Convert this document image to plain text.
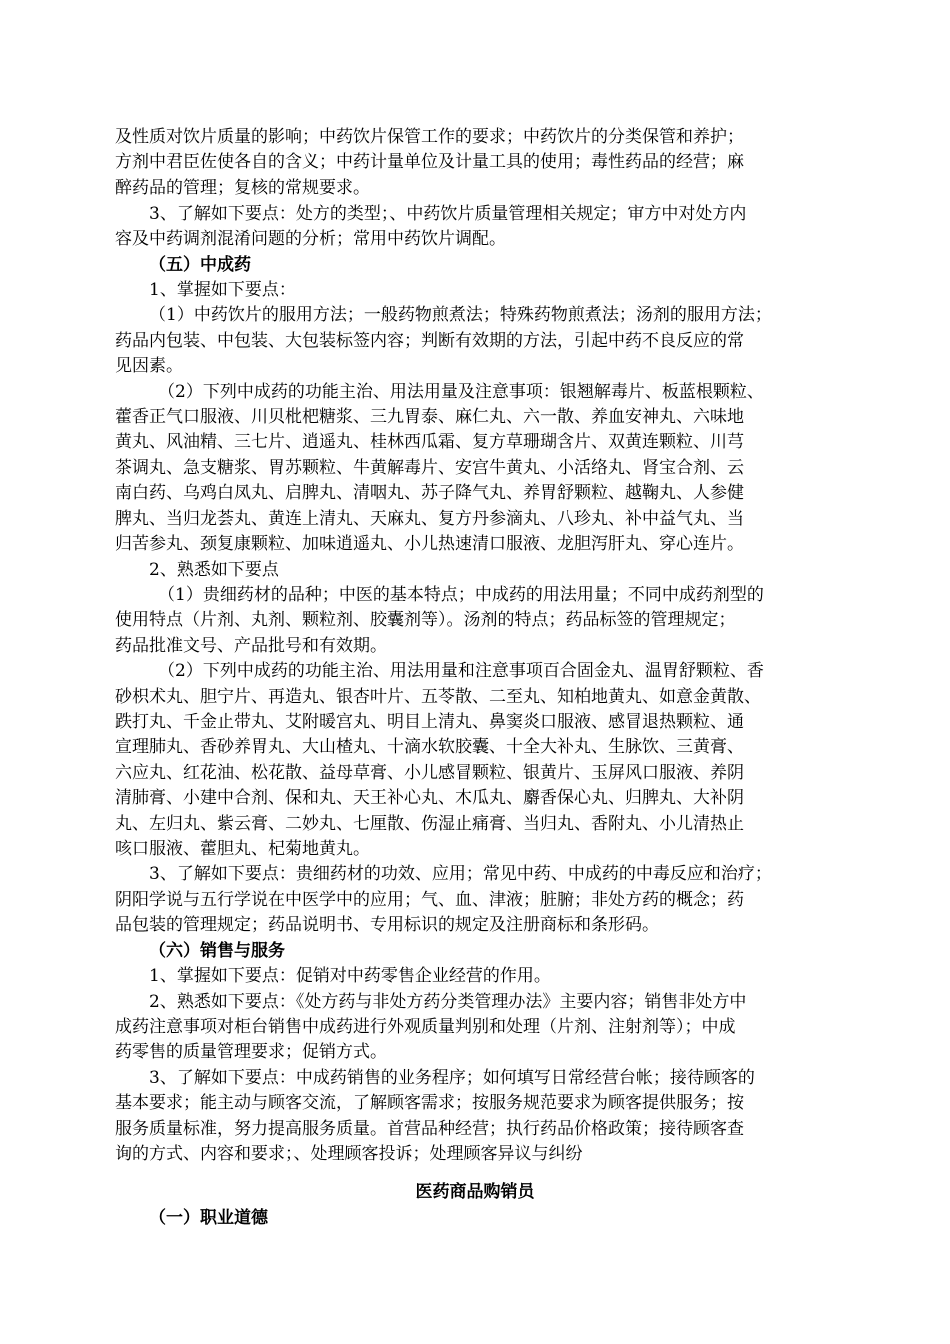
及性质对饮片质量的影响；中药饮片保管工作的要求；中药饮片的分类保管和养护；
方剂中君臣佐使各自的含义；中药计量单位及计量工具的使用；毒性药品的经营；麻
醉药品的管理；复核的常规要求。
3、了解如下要点：处方的类型；、中药饮片质量管理相关规定；审方中对处方内
容及中药调剂混淆问题的分析；常用中药饮片调配。
（五）中成药
1、掌握如下要点：
（1）中药饮片的服用方法；一般药物煎煮法；特殊药物煎煮法；汤剂的服用方法；
药品内包装、中包装、大包装标签内容；判断有效期的方法，引起中药不良反应的常
见因素。
（2）下列中成药的功能主治、用法用量及注意事项：银翘解毒片、板蓝根颗粒、
藿香正气口服液、川贝枇杷糖浆、三九胃泰、麻仁丸、六一散、养血安神丸、六味地
黄丸、风油精、三七片、逍遥丸、桂林西瓜霜、复方草珊瑚含片、双黄连颗粒、川芎
茶调丸、急支糖浆、胃苏颗粒、牛黄解毒片、安宫牛黄丸、小活络丸、肾宝合剂、云
南白药、乌鸡白凤丸、启脾丸、清咽丸、苏子降气丸、养胃舒颗粒、越鞠丸、人参健
脾丸、当归龙荟丸、黄连上清丸、天麻丸、复方丹参滴丸、八珍丸、补中益气丸、当
归苦参丸、颈复康颗粒、加味逍遥丸、小儿热速清口服液、龙胆泻肝丸、穿心连片。
2、熟悉如下要点
（1）贵细药材的品种；中医的基本特点；中成药的用法用量；不同中成药剂型的
使用特点（片剂、丸剂、颗粒剂、胶囊剂等）。汤剂的特点；药品标签的管理规定；
药品批准文号、产品批号和有效期。
（2）下列中成药的功能主治、用法用量和注意事项百合固金丸、温胃舒颗粒、香
砂枳术丸、胆宁片、再造丸、银杏叶片、五苓散、二至丸、知柏地黄丸、如意金黄散、
跌打丸、千金止带丸、艾附暖宫丸、明目上清丸、鼻窦炎口服液、感冒退热颗粒、通
宣理肺丸、香砂养胃丸、大山楂丸、十滴水软胶囊、十全大补丸、生脉饮、三黄膏、
六应丸、红花油、松花散、益母草膏、小儿感冒颗粒、银黄片、玉屏风口服液、养阴
清肺膏、小建中合剂、保和丸、天王补心丸、木瓜丸、麝香保心丸、归脾丸、大补阴
丸、左归丸、紫云膏、二妙丸、七厘散、伤湿止痛膏、当归丸、香附丸、小儿清热止
咳口服液、藿胆丸、杞菊地黄丸。
3、了解如下要点：贵细药材的功效、应用；常见中药、中成药的中毒反应和治疗；
阴阳学说与五行学说在中医学中的应用；气、血、津液；脏腑；非处方药的概念；药
品包装的管理规定；药品说明书、专用标识的规定及注册商标和条形码。
（六）销售与服务
1、掌握如下要点：促销对中药零售企业经营的作用。
2、熟悉如下要点：《处方药与非处方药分类管理办法》主要内容；销售非处方中
成药注意事项对柜台销售中成药进行外观质量判别和处理（片剂、注射剂等）；中成
药零售的质量管理要求；促销方式。
3、了解如下要点：中成药销售的业务程序；如何填写日常经营台帐；接待顾客的
基本要求；能主动与顾客交流，了解顾客需求；按服务规范要求为顾客提供服务；按
服务质量标准，努力提高服务质量。首营品种经营；执行药品价格政策；接待顾客查
询的方式、内容和要求；、处理顾客投诉；处理顾客异议与纠纷
医药商品购销员
（一）职业道德
